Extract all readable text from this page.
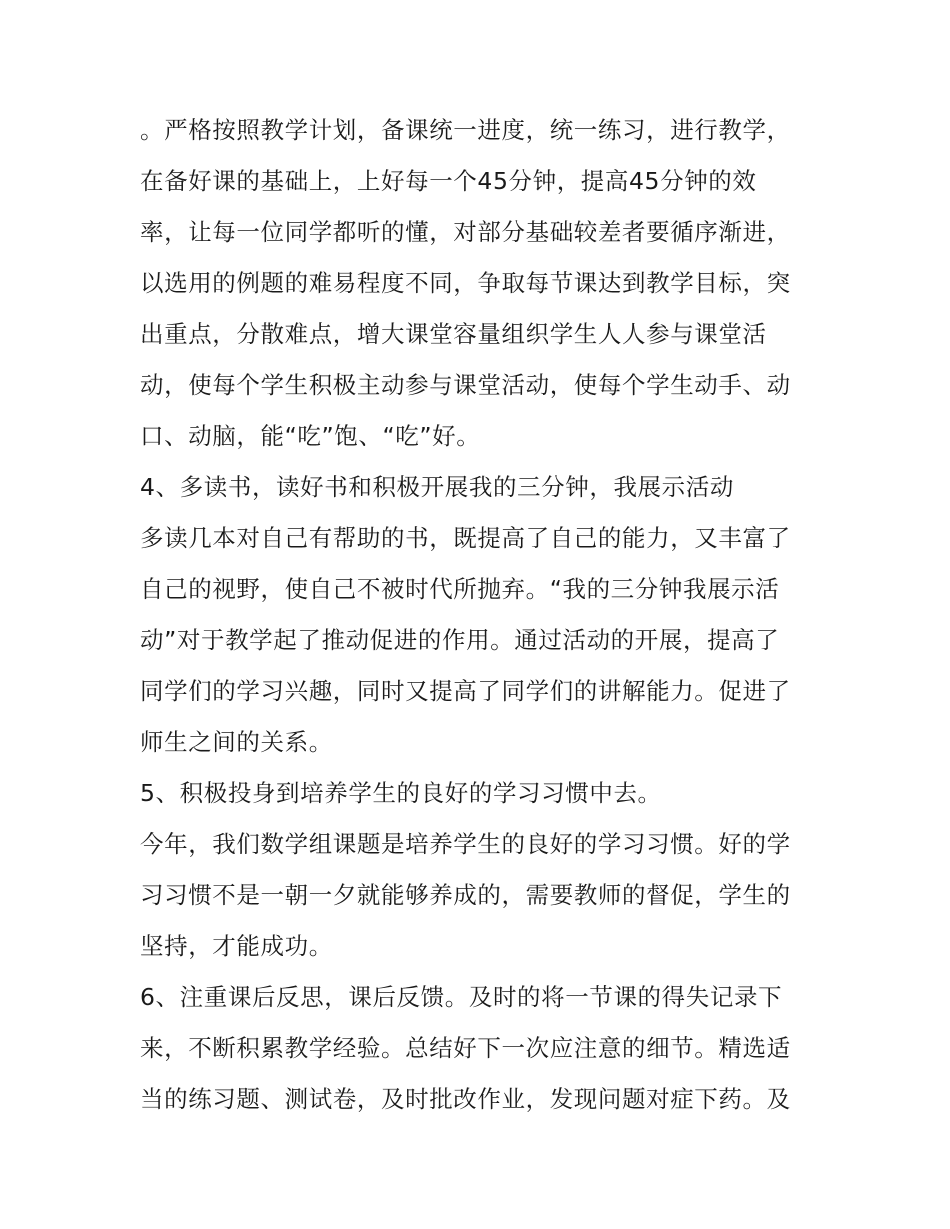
。严格按照教学计划，备课统一进度，统一练习，进行教学，
在备好课的基础上，上好每一个45分钟，提高45分钟的效
率，让每一位同学都听的懂，对部分基础较差者要循序渐进，
以选用的例题的难易程度不同，争取每节课达到教学目标，突
出重点，分散难点，增大课堂容量组织学生人人参与课堂活
动，使每个学生积极主动参与课堂活动，使每个学生动手、动
口、动脑，能“吃”饱、“吃”好。
4、多读书，读好书和积极开展我的三分钟，我展示活动
多读几本对自己有帮助的书，既提高了自己的能力，又丰富了
自己的视野，使自己不被时代所抛弃。“我的三分钟我展示活
动”对于教学起了推动促进的作用。通过活动的开展，提高了
同学们的学习兴趣，同时又提高了同学们的讲解能力。促进了
师生之间的关系。
5、积极投身到培养学生的良好的学习习惯中去。
今年，我们数学组课题是培养学生的良好的学习习惯。好的学
习习惯不是一朝一夕就能够养成的，需要教师的督促，学生的
坚持，才能成功。
6、注重课后反思，课后反馈。及时的将一节课的得失记录下
来，不断积累教学经验。总结好下一次应注意的细节。精选适
当的练习题、测试卷，及时批改作业，发现问题对症下药。及
